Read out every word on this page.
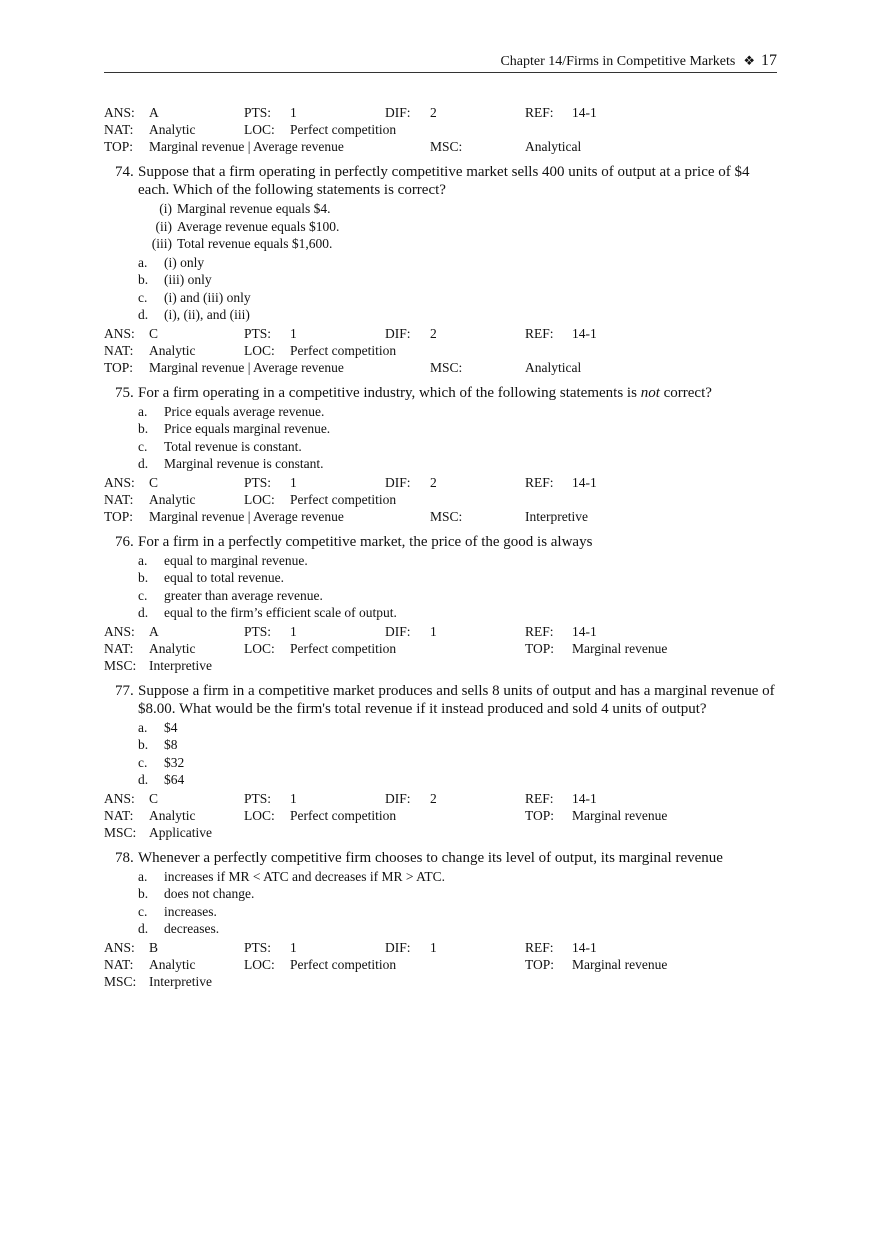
Chapter 14/Firms in Competitive Markets ❖ 17
ANS: A	PTS: 1	DIF: 2	REF: 14-1
NAT: Analytic	LOC: Perfect competition
TOP: Marginal revenue | Average revenue	MSC:	Analytical
74. Suppose that a firm operating in perfectly competitive market sells 400 units of output at a price of $4 each. Which of the following statements is correct?
(i) Marginal revenue equals $4.
(ii) Average revenue equals $100.
(iii) Total revenue equals $1,600.
a. (i) only
b. (iii) only
c. (i) and (iii) only
d. (i), (ii), and (iii)
ANS: C	PTS: 1	DIF: 2	REF: 14-1
NAT: Analytic	LOC: Perfect competition
TOP: Marginal revenue | Average revenue	MSC:	Analytical
75. For a firm operating in a competitive industry, which of the following statements is not correct?
a. Price equals average revenue.
b. Price equals marginal revenue.
c. Total revenue is constant.
d. Marginal revenue is constant.
ANS: C	PTS: 1	DIF: 2	REF: 14-1
NAT: Analytic	LOC: Perfect competition
TOP: Marginal revenue | Average revenue	MSC:	Interpretive
76. For a firm in a perfectly competitive market, the price of the good is always
a. equal to marginal revenue.
b. equal to total revenue.
c. greater than average revenue.
d. equal to the firm’s efficient scale of output.
ANS: A	PTS: 1	DIF: 1	REF: 14-1
NAT: Analytic	LOC: Perfect competition	TOP: Marginal revenue
MSC: Interpretive
77. Suppose a firm in a competitive market produces and sells 8 units of output and has a marginal revenue of $8.00. What would be the firm's total revenue if it instead produced and sold 4 units of output?
a. $4
b. $8
c. $32
d. $64
ANS: C	PTS: 1	DIF: 2	REF: 14-1
NAT: Analytic	LOC: Perfect competition	TOP: Marginal revenue
MSC: Applicative
78. Whenever a perfectly competitive firm chooses to change its level of output, its marginal revenue
a. increases if MR < ATC and decreases if MR > ATC.
b. does not change.
c. increases.
d. decreases.
ANS: B	PTS: 1	DIF: 1	REF: 14-1
NAT: Analytic	LOC: Perfect competition	TOP: Marginal revenue
MSC: Interpretive
